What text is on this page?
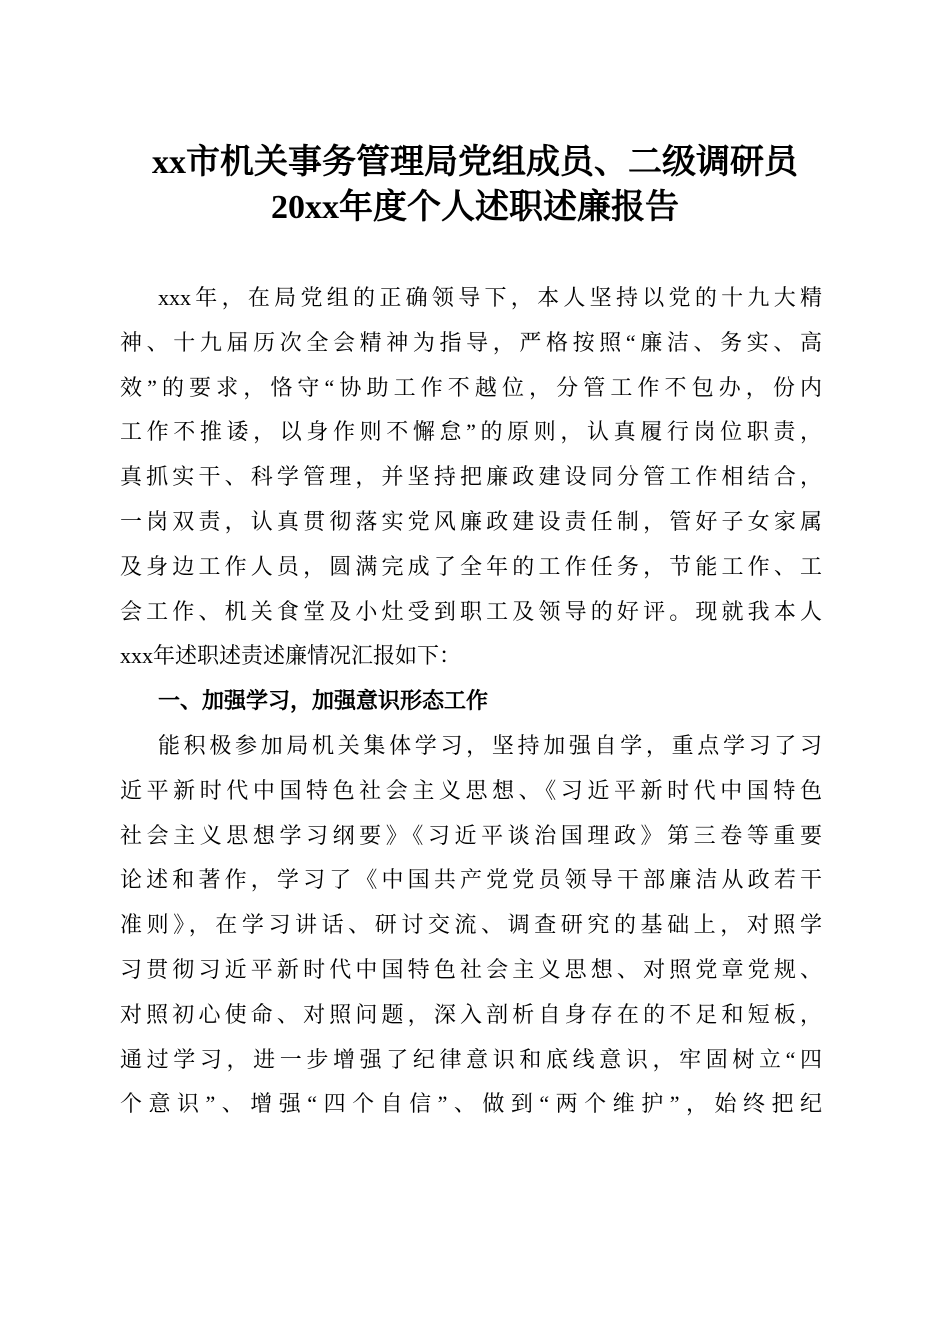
xx市机关事务管理局党组成员、二级调研员
20xx年度个人述职述廉报告
xxx年，在局党组的正确领导下，本人坚持以党的十九大精
神、十九届历次全会精神为指导，严格按照“廉洁、务实、高
效”的要求，恪守“协助工作不越位，分管工作不包办，份内
工作不推诿，以身作则不懈怠”的原则，认真履行岗位职责，
真抓实干、科学管理，并坚持把廉政建设同分管工作相结合，
一岗双责，认真贯彻落实党风廉政建设责任制，管好子女家属
及身边工作人员，圆满完成了全年的工作任务，节能工作、工
会工作、机关食堂及小灶受到职工及领导的好评。现就我本人
xxx年述职述责述廉情况汇报如下：
一、加强学习，加强意识形态工作
能积极参加局机关集体学习，坚持加强自学，重点学习了习
近平新时代中国特色社会主义思想、《习近平新时代中国特色
社会主义思想学习纲要》《习近平谈治国理政》第三卷等重要
论述和著作，学习了《中国共产党党员领导干部廉洁从政若干
准则》，在学习讲话、研讨交流、调查研究的基础上，对照学
习贯彻习近平新时代中国特色社会主义思想、对照党章党规、
对照初心使命、对照问题，深入剖析自身存在的不足和短板，
通过学习，进一步增强了纪律意识和底线意识，牢固树立“四
个意识”、增强“四个自信”、做到“两个维护”，始终把纪
